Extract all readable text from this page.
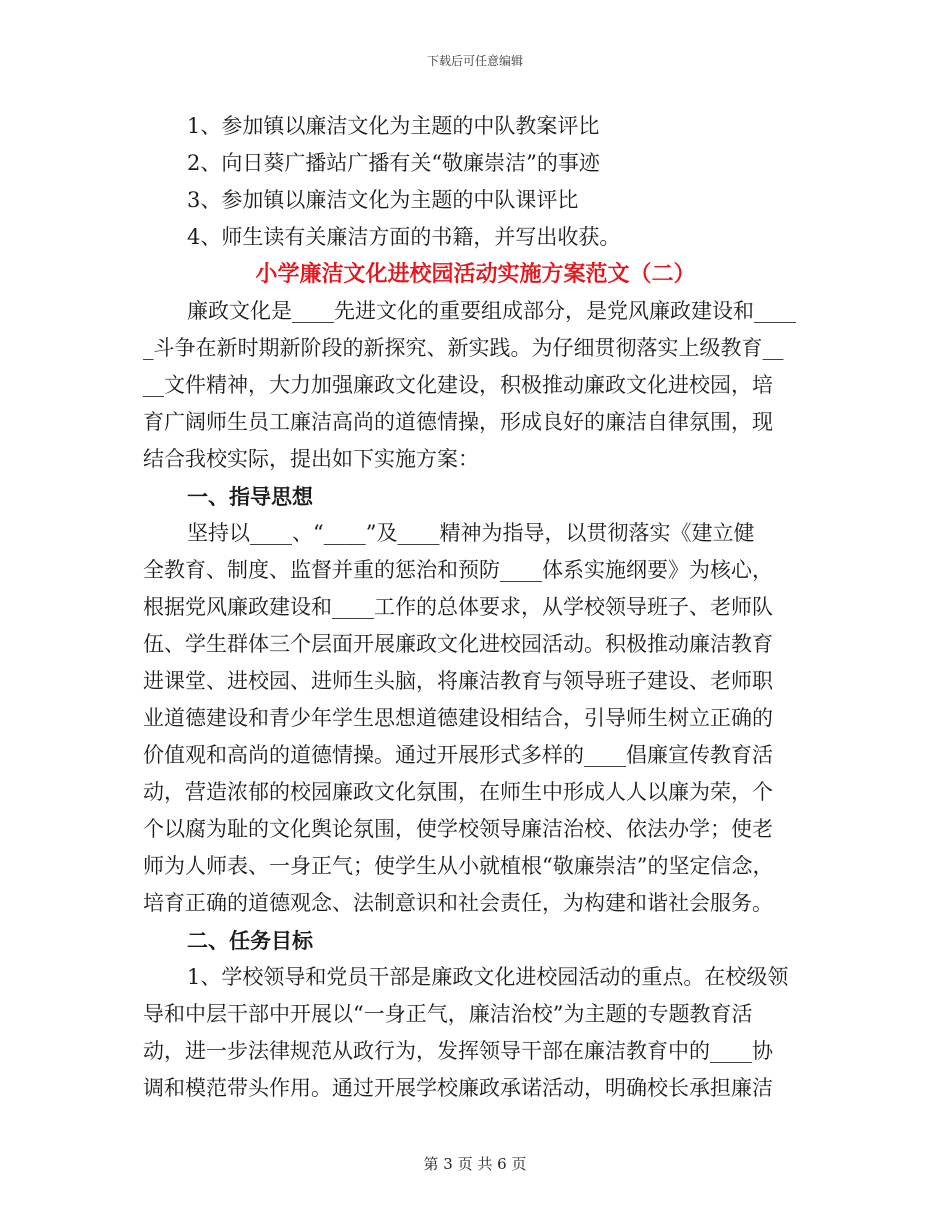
下载后可任意编辑
1、参加镇以廉洁文化为主题的中队教案评比
2、向日葵广播站广播有关“敬廉崇洁”的事迹
3、参加镇以廉洁文化为主题的中队课评比
4、师生读有关廉洁方面的书籍，并写出收获。
小学廉洁文化进校园活动实施方案范文（二）
廉政文化是____先进文化的重要组成部分，是党风廉政建设和____
_斗争在新时期新阶段的新探究、新实践。为仔细贯彻落实上级教育__
__文件精神，大力加强廉政文化建设，积极推动廉政文化进校园，培
育广阔师生员工廉洁高尚的道德情操，形成良好的廉洁自律氛围，现
结合我校实际，提出如下实施方案：
一、指导思想
坚持以____、“____”及____精神为指导，以贯彻落实《建立健
全教育、制度、监督并重的惩治和预防____体系实施纲要》为核心，
根据党风廉政建设和____工作的总体要求，从学校领导班子、老师队
伍、学生群体三个层面开展廉政文化进校园活动。积极推动廉洁教育
进课堂、进校园、进师生头脑，将廉洁教育与领导班子建设、老师职
业道德建设和青少年学生思想道德建设相结合，引导师生树立正确的
价值观和高尚的道德情操。通过开展形式多样的____倡廉宣传教育活
动，营造浓郁的校园廉政文化氛围，在师生中形成人人以廉为荣，个
个以腐为耻的文化舆论氛围，使学校领导廉洁治校、依法办学；使老
师为人师表、一身正气；使学生从小就植根“敬廉崇洁”的坚定信念，
培育正确的道德观念、法制意识和社会责任，为构建和谐社会服务。
二、任务目标
1、学校领导和党员干部是廉政文化进校园活动的重点。在校级领
导和中层干部中开展以“一身正气，廉洁治校”为主题的专题教育活
动，进一步法律规范从政行为，发挥领导干部在廉洁教育中的____协
调和模范带头作用。通过开展学校廉政承诺活动，明确校长承担廉洁
第 3 页 共 6 页
